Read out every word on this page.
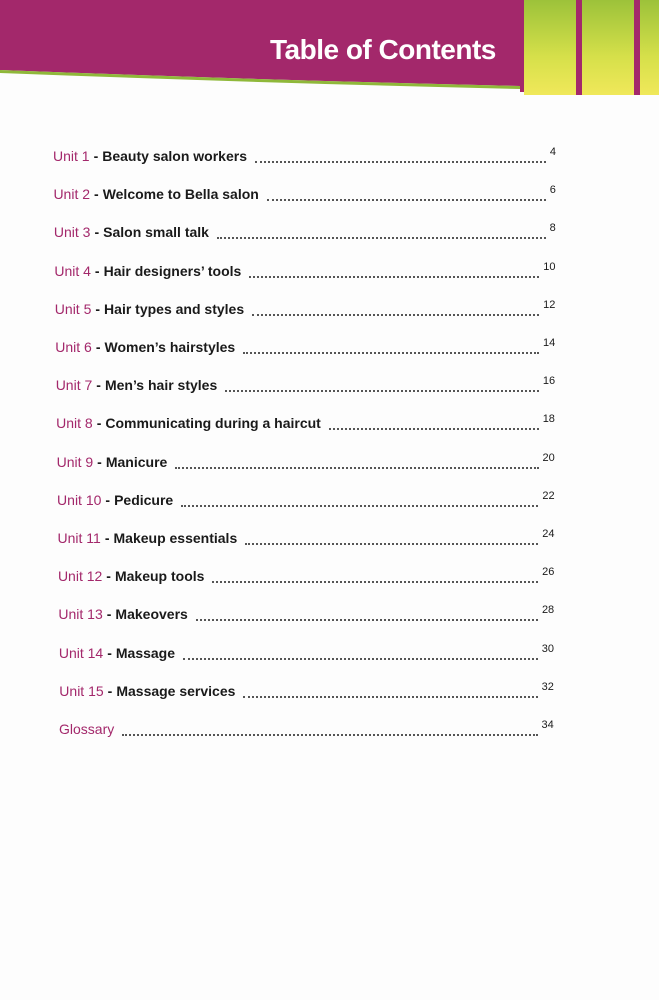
Table of Contents
Unit 1 - Beauty salon workers	4
Unit 2 - Welcome to Bella salon	6
Unit 3 - Salon small talk	8
Unit 4 - Hair designers’ tools	10
Unit 5 - Hair types and styles	12
Unit 6 - Women’s hairstyles	14
Unit 7 - Men’s hair styles	16
Unit 8 - Communicating during a haircut	18
Unit 9 - Manicure	20
Unit 10 - Pedicure	22
Unit 11 - Makeup essentials	24
Unit 12 - Makeup tools	26
Unit 13 - Makeovers	28
Unit 14 - Massage	30
Unit 15 - Massage services	32
Glossary	34
